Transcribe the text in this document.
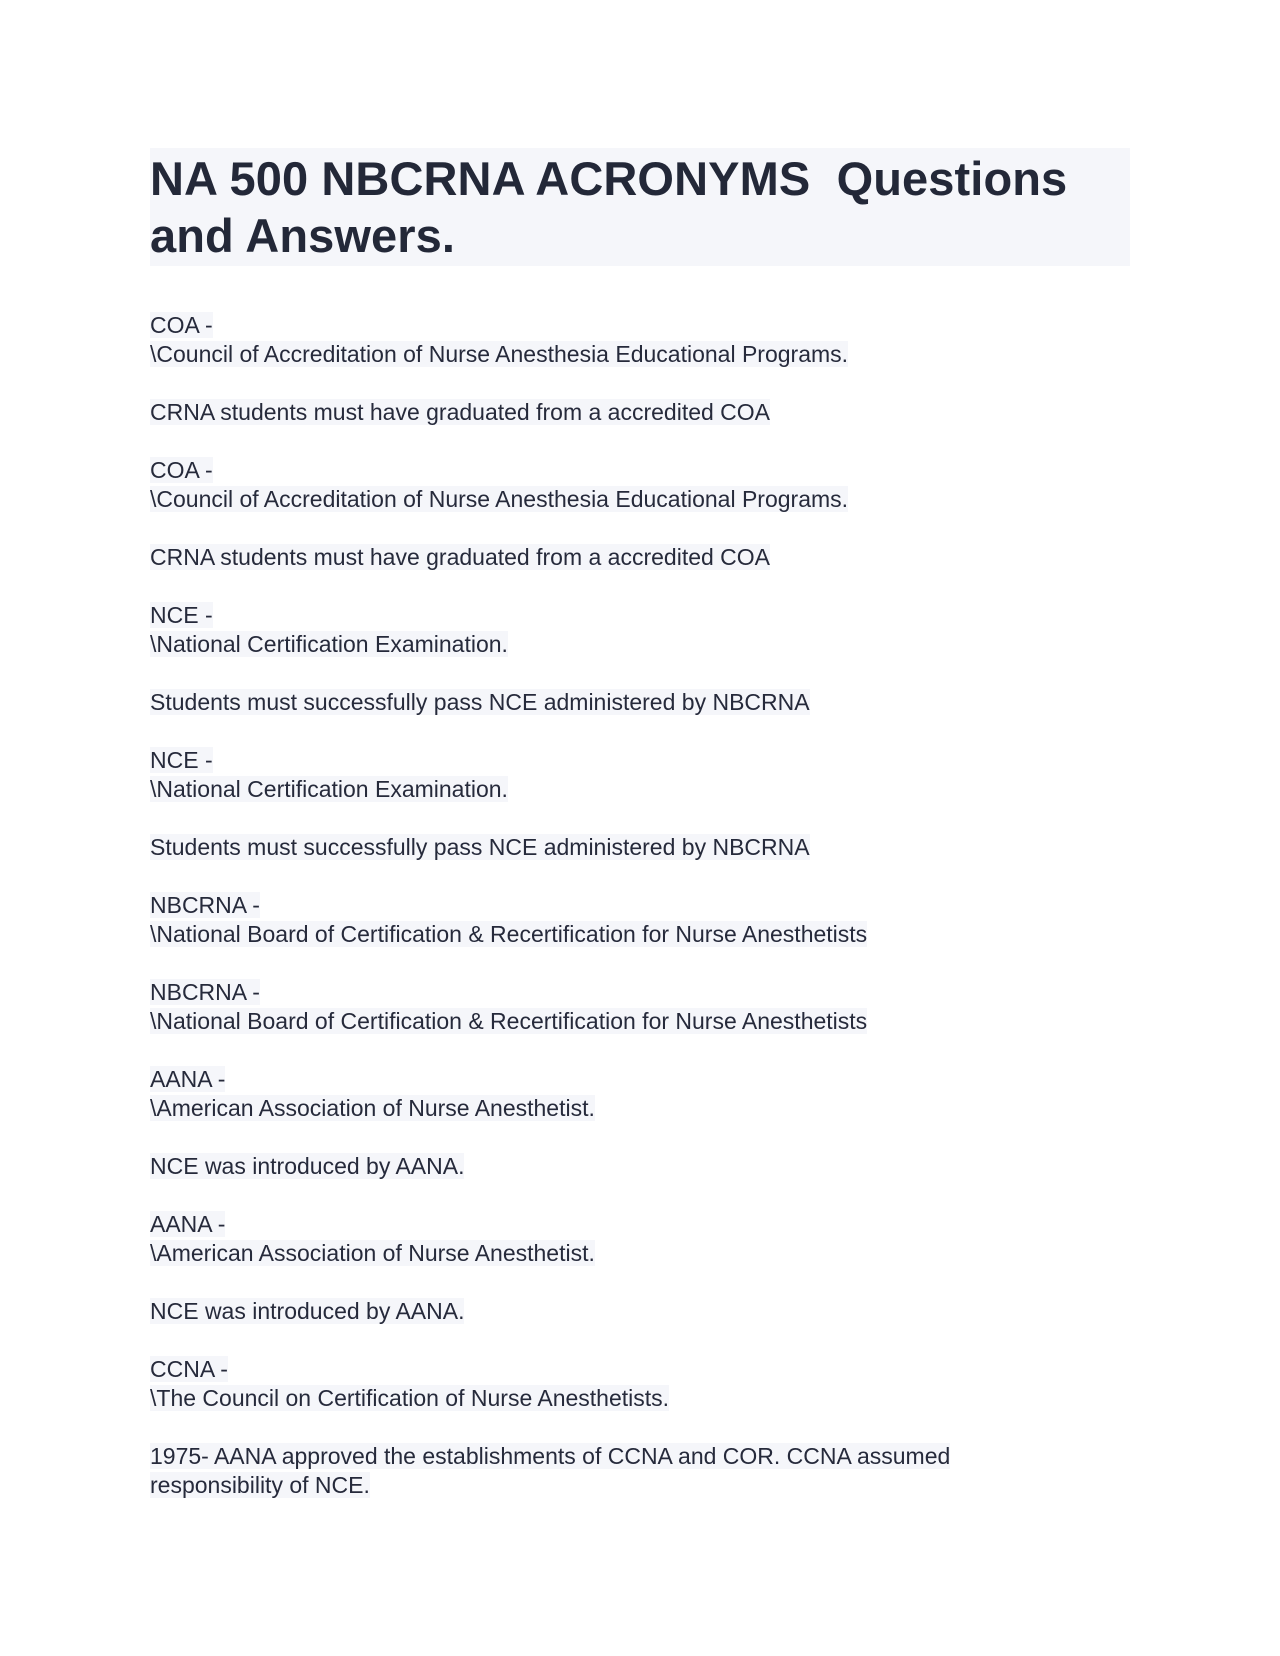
NA 500 NBCRNA ACRONYMS  Questions and Answers.
COA -
\Council of Accreditation of Nurse Anesthesia Educational Programs.
CRNA students must have graduated from a accredited COA
COA -
\Council of Accreditation of Nurse Anesthesia Educational Programs.
CRNA students must have graduated from a accredited COA
NCE -
\National Certification Examination.
Students must successfully pass NCE administered by NBCRNA
NCE -
\National Certification Examination.
Students must successfully pass NCE administered by NBCRNA
NBCRNA -
\National Board of Certification & Recertification for Nurse Anesthetists
NBCRNA -
\National Board of Certification & Recertification for Nurse Anesthetists
AANA -
\American Association of Nurse Anesthetist.
NCE was introduced by AANA.
AANA -
\American Association of Nurse Anesthetist.
NCE was introduced by AANA.
CCNA -
\The Council on Certification of Nurse Anesthetists.
1975- AANA approved the establishments of CCNA and COR. CCNA assumed
responsibility of NCE.
